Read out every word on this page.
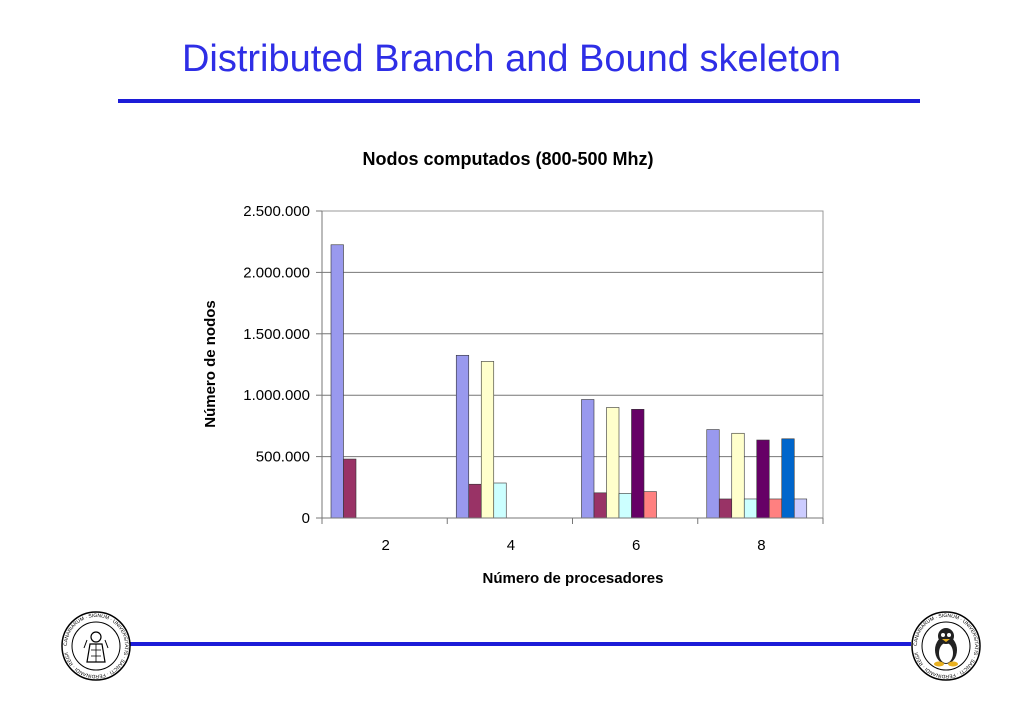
Distributed Branch and Bound skeleton
Nodos computados (800-500 Mhz)
0
500.000
1.000.000
1.500.000
2.000.000
2.500.000
2	4	6	8
Número de procesadores
Número de nodos
CANARIARUM · SIGNUM · UNIVERSITATIS · SANCTI · FERDINANDI · REGII
CANARIARUM · SIGNUM · UNIVERSITATIS · SANCTI · FERDINANDI · REGII
